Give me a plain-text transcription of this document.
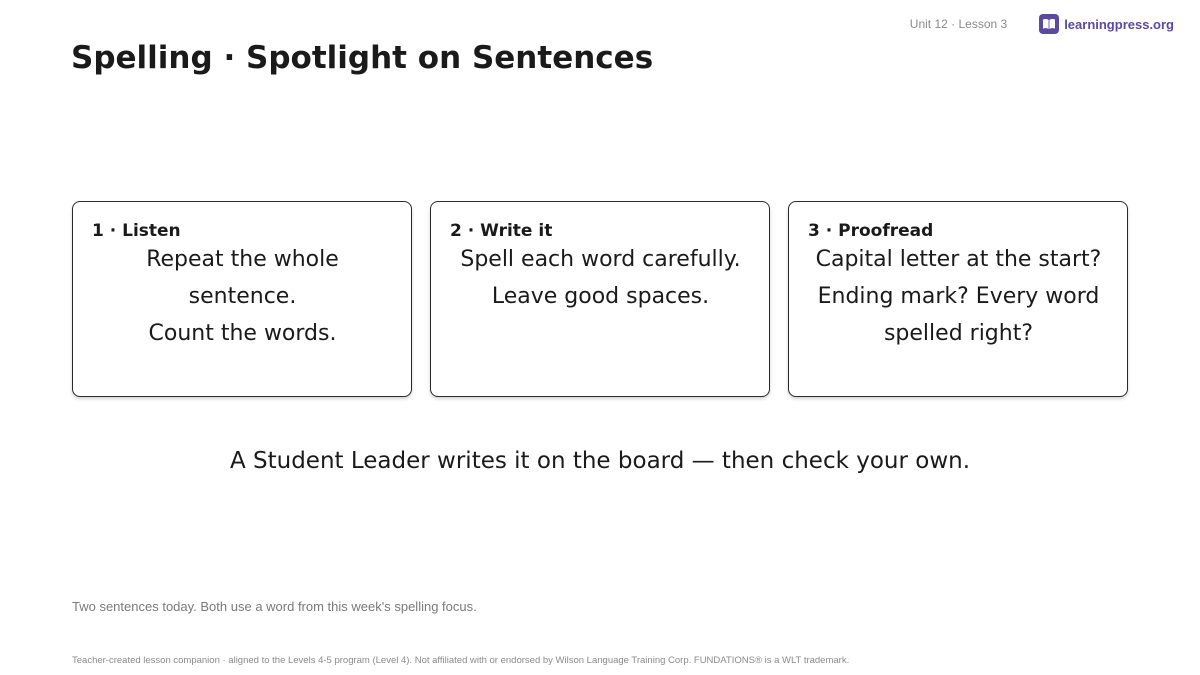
Unit 12 · Lesson 3	learningpress.org
Spelling · Spotlight on Sentences
1 · Listen

Repeat the whole sentence.

Count the words.

2 · Write it

Spell each word carefully.

Leave good spaces.

3 · Proofread

Capital letter at the start?

Ending mark? Every word spelled right?

A Student Leader writes it on the board — then check your own.

Two sentences today. Both use a word from this week's spelling focus.

Teacher-created lesson companion · aligned to the Levels 4-5 program (Level 4). Not affiliated with or endorsed by Wilson Language Training Corp. FUNDATIONS® is a WLT trademark.
